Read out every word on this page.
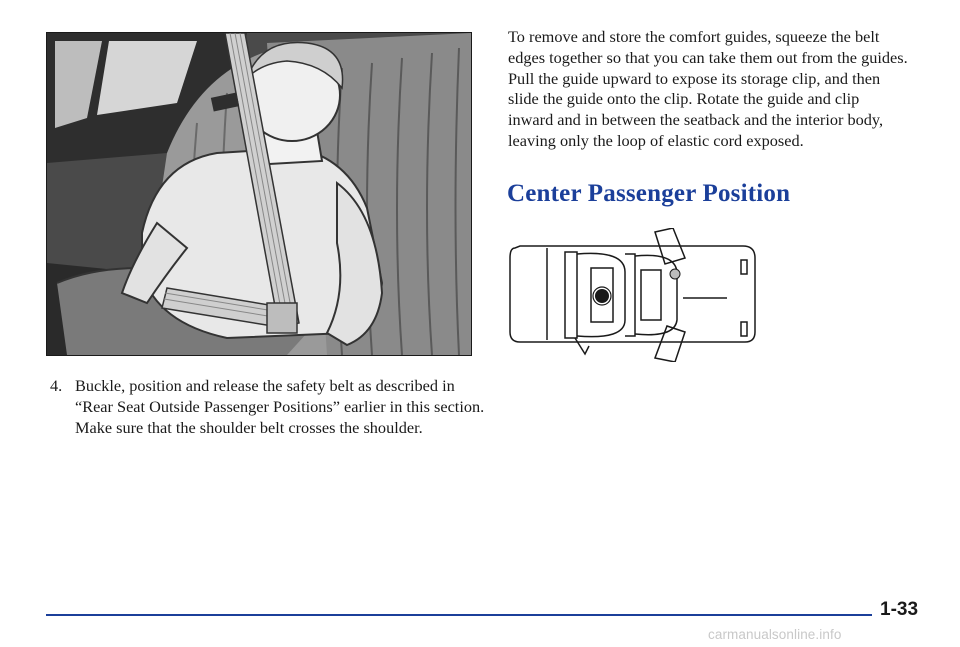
To remove and store the comfort guides, squeeze the belt edges together so that you can take them out from the guides. Pull the guide upward to expose its storage clip, and then slide the guide onto the clip. Rotate the guide and clip inward and in between the seatback and the interior body, leaving only the loop of elastic cord exposed.

Center Passenger Position
4. Buckle, position and release the safety belt as described in “Rear Seat Outside Passenger Positions” earlier in this section. Make sure that the shoulder belt crosses the shoulder.
1-33
carmanualsonline.info
